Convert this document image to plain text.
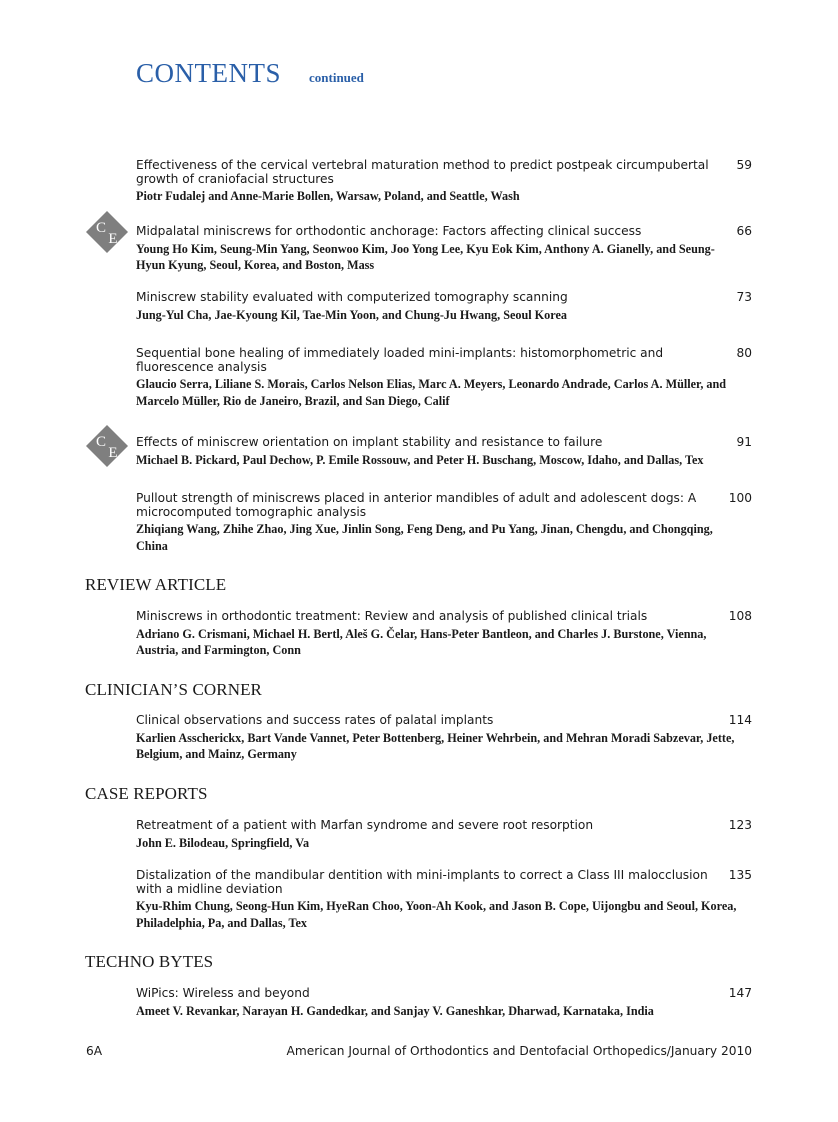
CONTENTS continued
Effectiveness of the cervical vertebral maturation method to predict postpeak circumpubertal growth of craniofacial structures
Piotr Fudalej and Anne-Marie Bollen, Warsaw, Poland, and Seattle, Wash
59
C
E Midpalatal miniscrews for orthodontic anchorage: Factors affecting clinical success
Young Ho Kim, Seung-Min Yang, Seonwoo Kim, Joo Yong Lee, Kyu Eok Kim, Anthony A. Gianelly, and Seung-Hyun Kyung, Seoul, Korea, and Boston, Mass
66
Miniscrew stability evaluated with computerized tomography scanning
Jung-Yul Cha, Jae-Kyoung Kil, Tae-Min Yoon, and Chung-Ju Hwang, Seoul Korea
73
Sequential bone healing of immediately loaded mini-implants: histomorphometric and fluorescence analysis
Glaucio Serra, Liliane S. Morais, Carlos Nelson Elias, Marc A. Meyers, Leonardo Andrade, Carlos A. Müller, and Marcelo Müller, Rio de Janeiro, Brazil, and San Diego, Calif
80
C
E
Effects of miniscrew orientation on implant stability and resistance to failure
Michael B. Pickard, Paul Dechow, P. Emile Rossouw, and Peter H. Buschang, Moscow, Idaho, and Dallas, Tex
91
Pullout strength of miniscrews placed in anterior mandibles of adult and adolescent dogs: A microcomputed tomographic analysis
Zhiqiang Wang, Zhihe Zhao, Jing Xue, Jinlin Song, Feng Deng, and Pu Yang, Jinan, Chengdu, and Chongqing, China
100
REVIEW ARTICLE
Miniscrews in orthodontic treatment: Review and analysis of published clinical trials
Adriano G. Crismani, Michael H. Bertl, Aleš G. Čelar, Hans-Peter Bantleon, and Charles J. Burstone, Vienna, Austria, and Farmington, Conn
108
CLINICIAN’S CORNER
Clinical observations and success rates of palatal implants
Karlien Asscherickx, Bart Vande Vannet, Peter Bottenberg, Heiner Wehrbein, and Mehran Moradi Sabzevar, Jette, Belgium, and Mainz, Germany
114
CASE REPORTS
Retreatment of a patient with Marfan syndrome and severe root resorption
John E. Bilodeau, Springfield, Va
123
Distalization of the mandibular dentition with mini-implants to correct a Class III malocclusion with a midline deviation
Kyu-Rhim Chung, Seong-Hun Kim, HyeRan Choo, Yoon-Ah Kook, and Jason B. Cope, Uijongbu and Seoul, Korea, Philadelphia, Pa, and Dallas, Tex
135
TECHNO BYTES
WiPics: Wireless and beyond
Ameet V. Revankar, Narayan H. Gandedkar, and Sanjay V. Ganeshkar, Dharwad, Karnataka, India
147
6A	American Journal of Orthodontics and Dentofacial Orthopedics/January 2010
